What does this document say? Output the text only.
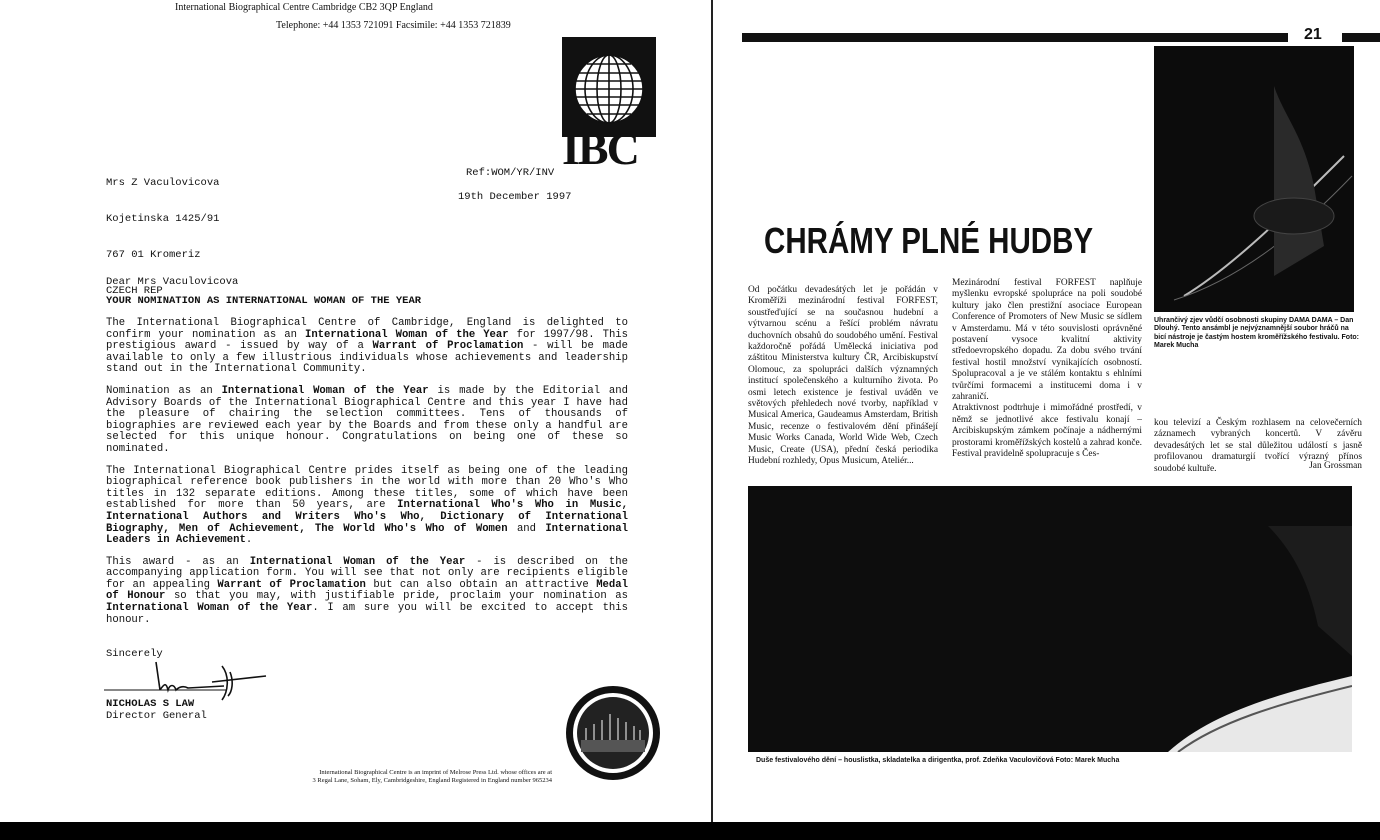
International Biographical Centre Cambridge CB2 3QP England
Telephone: +44 1353 721091 Facsimile: +44 1353 721839
IBC

Mrs Z Vaculovicova

Kojetinska 1425/91

767 01 Kromeriz

CZECH REP

Ref:WOM/YR/INV
19th December 1997
Dear Mrs Vaculovicova
YOUR NOMINATION AS INTERNATIONAL WOMAN OF THE YEAR

The International Biographical Centre of Cambridge, England is delighted to confirm your nomination as an International Woman of the Year for 1997/98. This prestigious award - issued by way of a Warrant of Proclamation - will be made available to only a few illustrious individuals whose achievements and leadership stand out in the International Community.

Nomination as an International Woman of the Year is made by the Editorial and Advisory Boards of the International Biographical Centre and this year I have had the pleasure of chairing the selection committees. Tens of thousands of biographies are reviewed each year by the Boards and from these only a handful are selected for this unique honour. Congratulations on being one of these so nominated.

The International Biographical Centre prides itself as being one of the leading biographical reference book publishers in the world with more than 20 Who's Who titles in 132 separate editions. Among these titles, some of which have been established for more than 50 years, are International Who's Who in Music, International Authors and Writers Who's Who, Dictionary of International Biography, Men of Achievement, The World Who's Who of Women and International Leaders in Achievement.

This award - as an International Woman of the Year - is described on the accompanying application form. You will see that not only are recipients eligible for an appealing Warrant of Proclamation but can also obtain an attractive Medal of Honour so that you may, with justifiable pride, proclaim your nomination as International Woman of the Year. I am sure you will be excited to accept this honour.

Sincerely
NICHOLAS S LAW
Director General
International Biographical Centre is an imprint of Melrose Press Ltd. whose offices are at
3 Regal Lane, Soham, Ely, Cambridgeshire, England Registered in England number 965234
21
CHRÁMY PLNÉ HUDBY
Od počátku devadesátých let je pořádán v Kroměříži mezinárodní festival FORFEST, soustřeďující se na současnou hudební a výtvarnou scénu a řešící problém návratu duchovních obsahů do soudobého umění. Festival každoročně pořádá Umělecká iniciativa pod záštitou Ministerstva kultury ČR, Arcibiskupství Olomouc, za spolupráci dalších významných institucí společenského a kulturního života. Po osmi letech existence je festival uváděn ve světových přehledech nové tvorby, například v Musical America, Gaudeamus Amsterdam, British Music, recenze o festivalovém dění přinášejí Music Works Canada, World Wide Web, Czech Music, Create (USA), přední česká periodika Hudební rozhledy, Opus Musicum, Ateliér...
Mezinárodní festival FORFEST naplňuje myšlenku evropské spolupráce na poli soudobé kultury jako člen prestižní asociace European Conference of Promoters of New Music se sídlem v Amsterdamu. Má v této souvislosti oprávněné postavení vysoce kvalitní aktivity středoevropského dopadu. Za dobu svého trvání festival hostil množství vynikajících osobností. Spolupracoval a je ve stálém kontaktu s ehlními tvůrčími formacemi a institucemi doma i v zahraničí.
Atraktivnost podtrhuje i mimořádné prostředí, v němž se jednotlivé akce festivalu konají – Arcibiskupským zámkem počínaje a nádhernými prostorami kroměřížských kostelů a zahrad konče. Festival pravidelně spolupracuje s Čes-
Uhrančivý zjev vůdčí osobnosti skupiny DAMA DAMA – Dan Dlouhý. Tento ansámbl je nejvýznamnější soubor hráčů na bicí nástroje je častým hostem kroměřížského festivalu. Foto: Marek Mucha
kou televizí a Českým rozhlasem na celovečerních záznamech vybraných koncertů. V závěru devadesátých let se stal důležitou událostí s jasně profilovanou dramaturgií tvořící výrazný přínos soudobé kultuře.	Jan Grossman
Duše festivalového dění – houslistka, skladatelka a dirigentka, prof. Zdeňka Vaculovičová Foto: Marek Mucha
